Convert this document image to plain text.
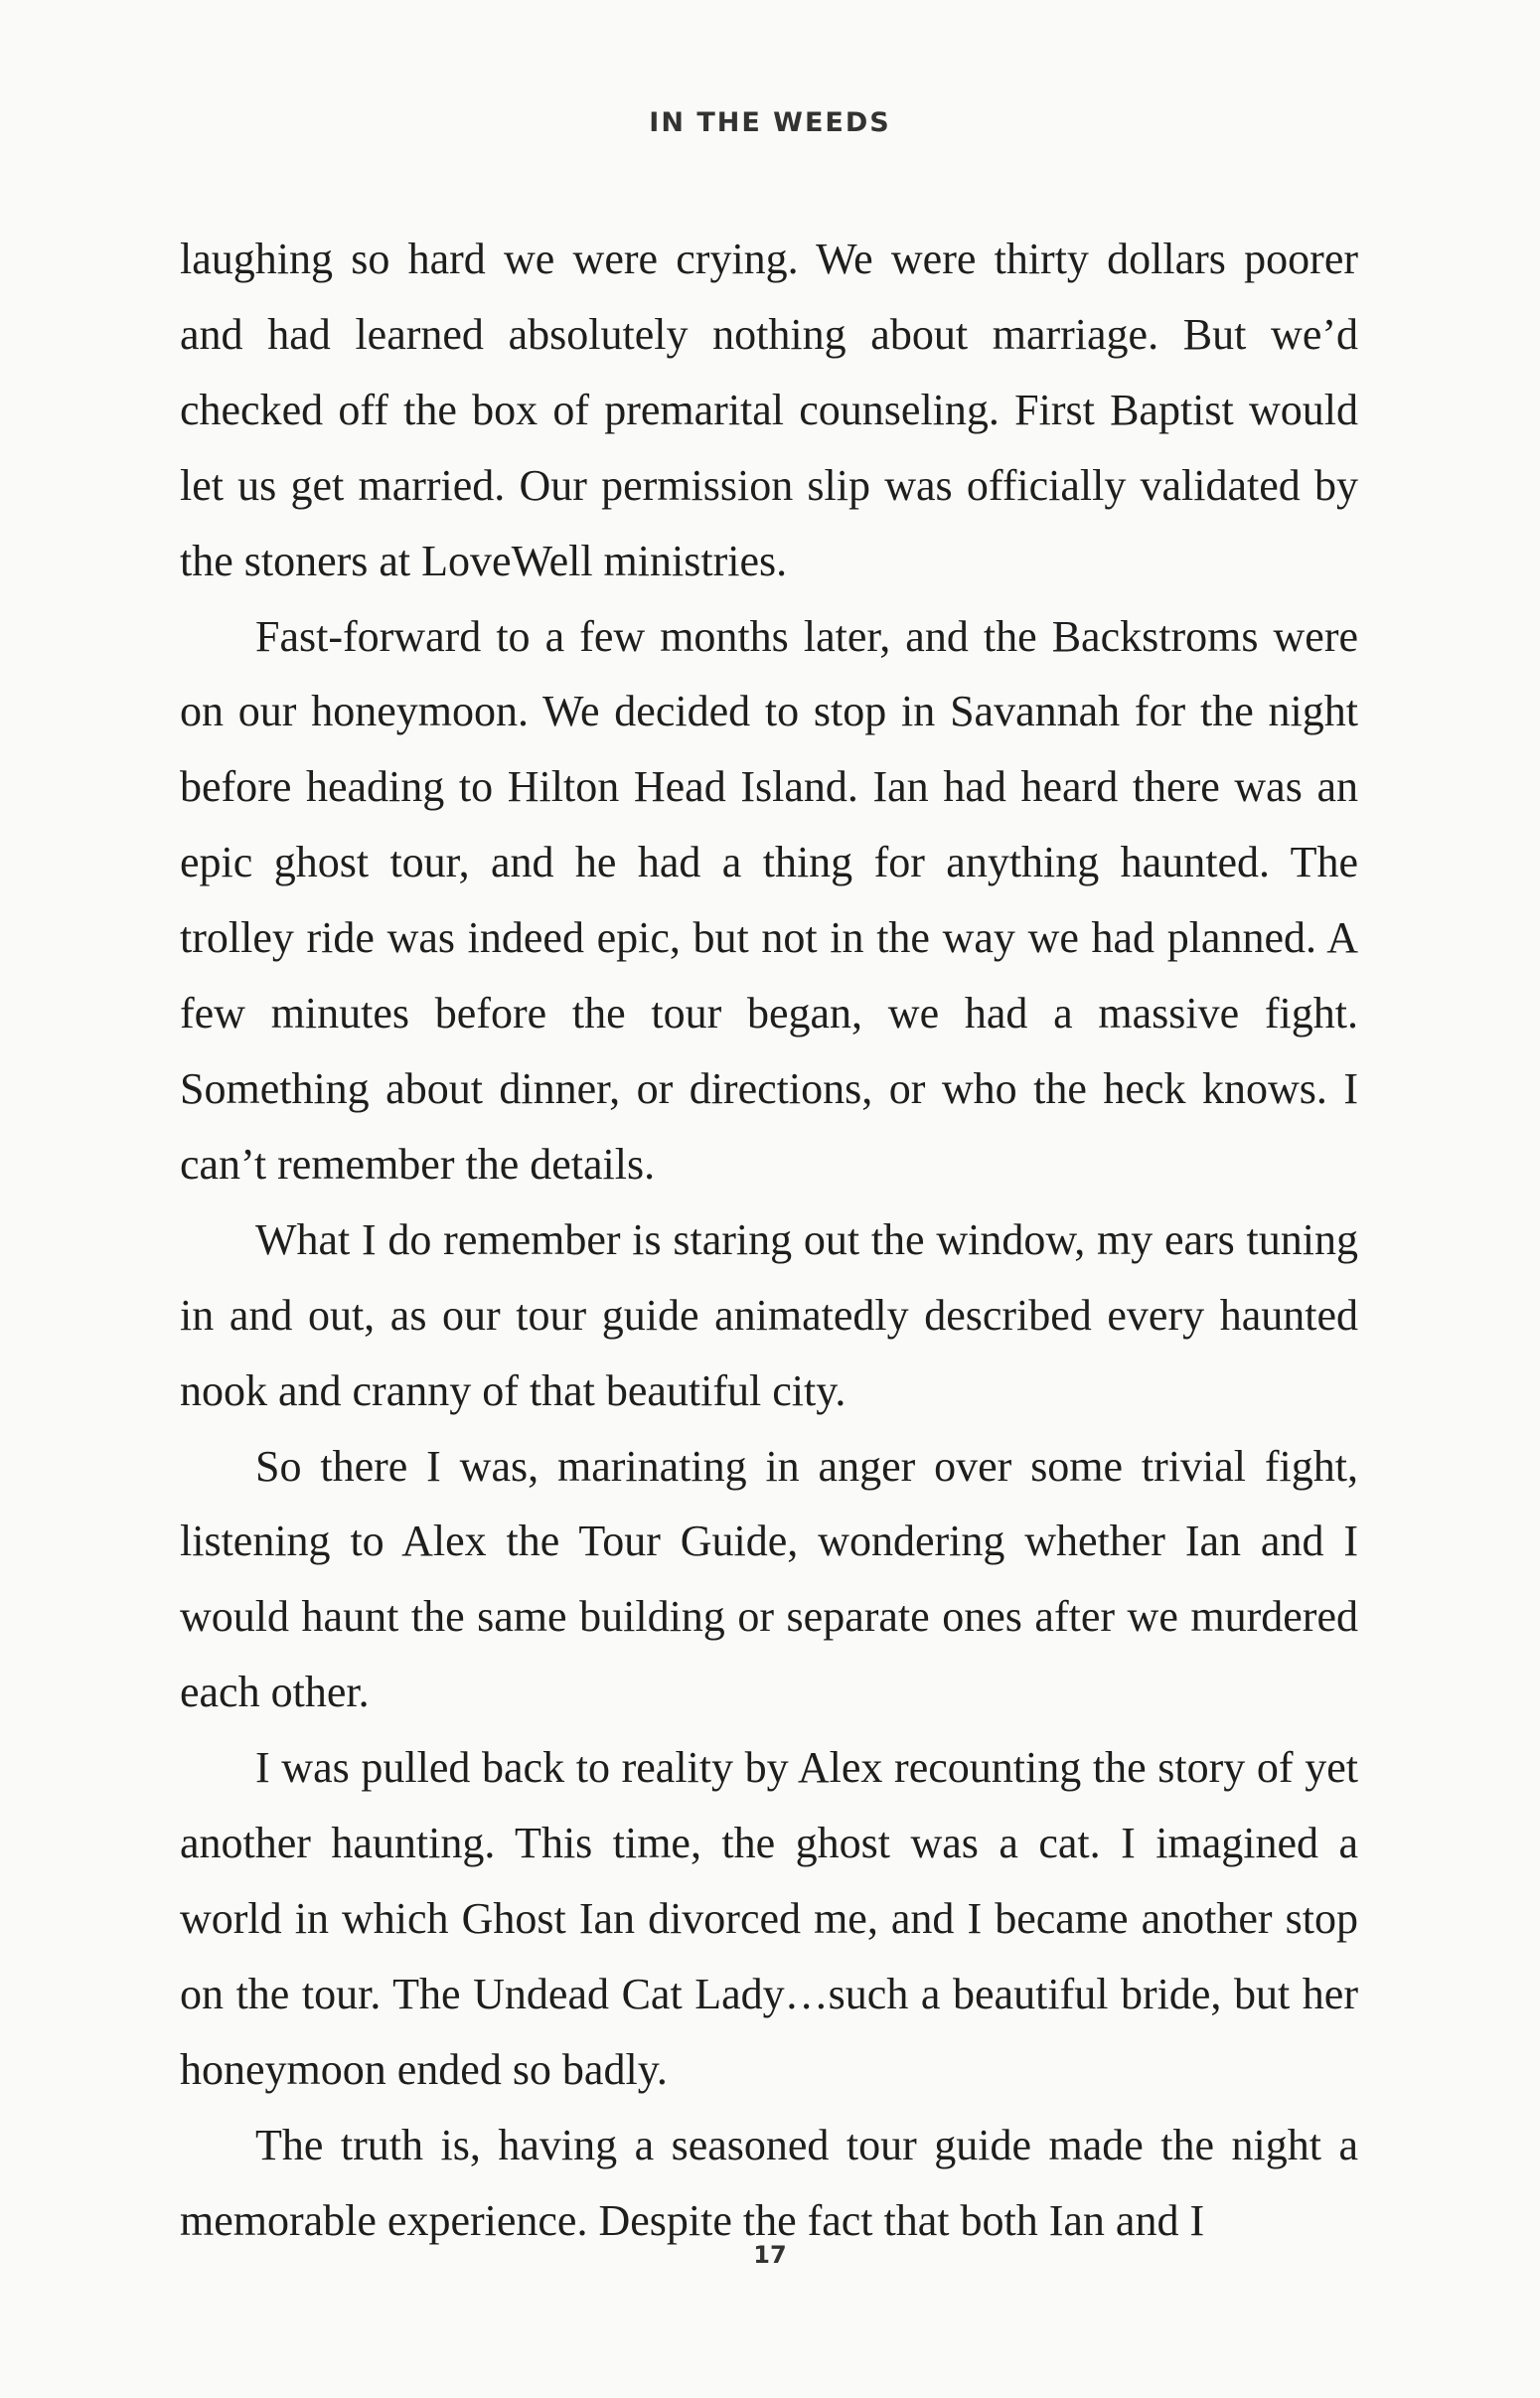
IN THE WEEDS

laughing so hard we were crying. We were thirty dollars poorer and had learned absolutely nothing about marriage. But we’d checked off the box of premarital counseling. First Baptist would let us get married. Our permission slip was officially validated by the stoners at LoveWell ministries.

Fast-forward to a few months later, and the Backstroms were on our honeymoon. We decided to stop in Savannah for the night before heading to Hilton Head Island. Ian had heard there was an epic ghost tour, and he had a thing for anything haunted. The trolley ride was indeed epic, but not in the way we had planned. A few minutes before the tour began, we had a massive fight. Something about dinner, or directions, or who the heck knows. I can’t remember the details.

What I do remember is staring out the window, my ears tuning in and out, as our tour guide animatedly described every haunted nook and cranny of that beautiful city.

So there I was, marinating in anger over some trivial fight, listening to Alex the Tour Guide, wondering whether Ian and I would haunt the same building or separate ones after we murdered each other.

I was pulled back to reality by Alex recounting the story of yet another haunting. This time, the ghost was a cat. I imagined a world in which Ghost Ian divorced me, and I became another stop on the tour. The Undead Cat Lady…such a beautiful bride, but her honeymoon ended so badly.

The truth is, having a seasoned tour guide made the night a memorable experience. Despite the fact that both Ian and I

17
